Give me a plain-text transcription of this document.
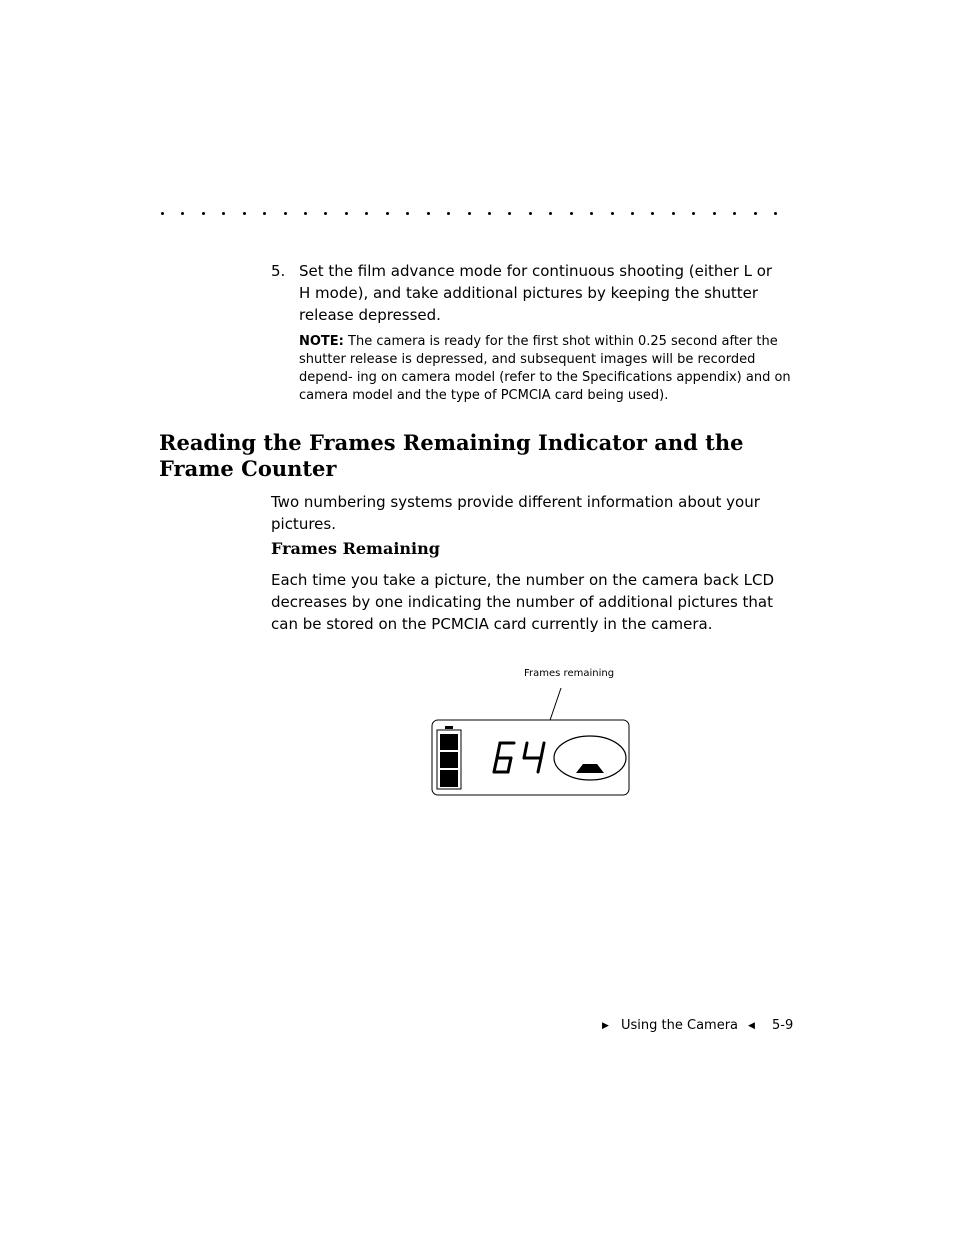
5. Set the film advance mode for continuous shooting (either L or H mode), and take additional pictures by keeping the shutter release depressed.
NOTE: The camera is ready for the first shot within 0.25 second after the shutter release is depressed, and subsequent images will be recorded depend- ing on camera model (refer to the Specifications appendix) and on camera model and the type of PCMCIA card being used).
Reading the Frames Remaining Indicator and the Frame Counter
Two numbering systems provide different information about your pictures.
Frames Remaining
Each time you take a picture, the number on the camera back LCD decreases by one indicating the number of additional pictures that can be stored on the PCMCIA card currently in the camera.
Frames remaining
▶ Using the Camera ◀ 5-9
